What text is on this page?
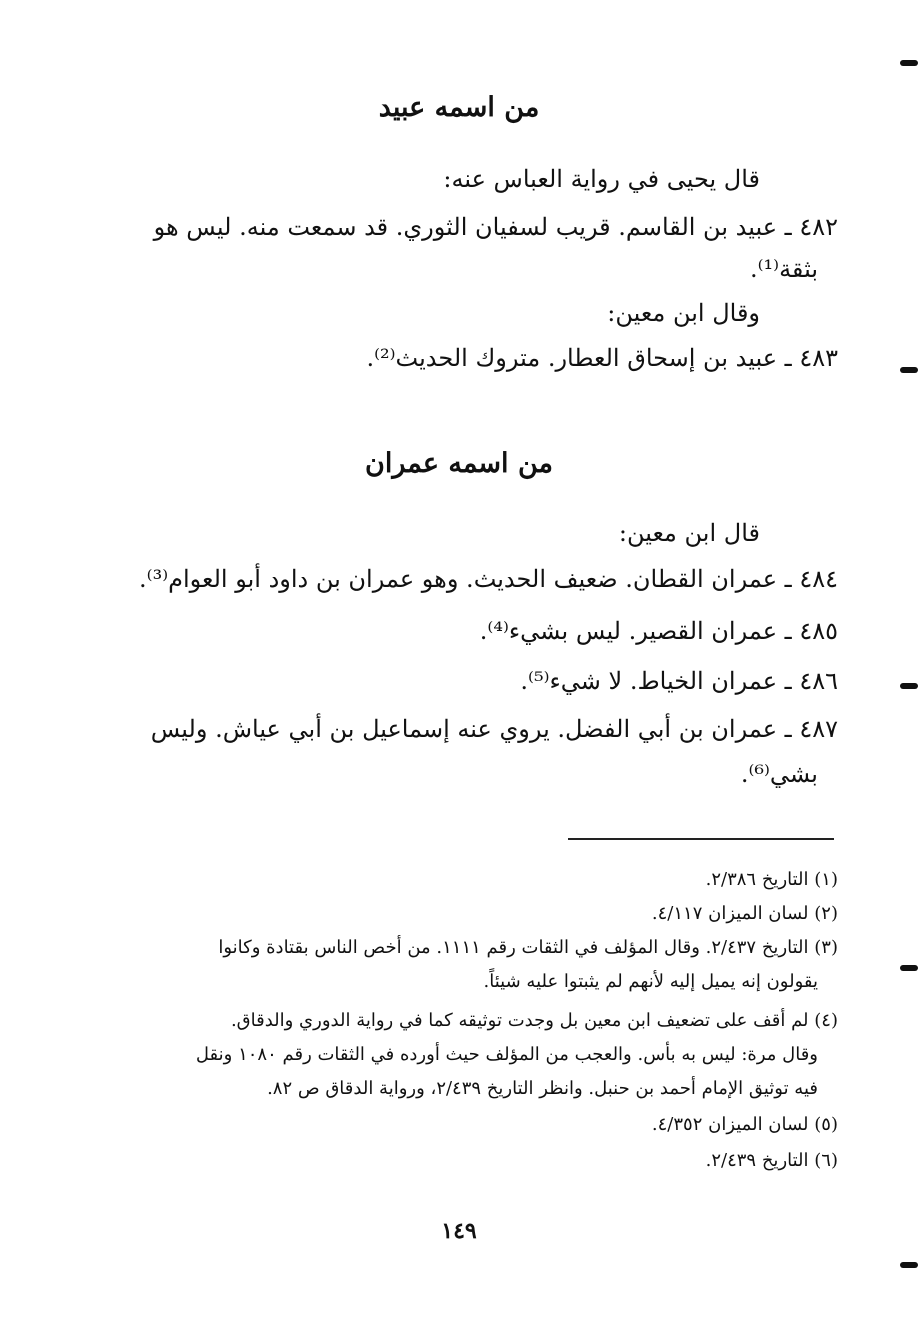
من اسمه عبيد
قال يحيى في رواية العباس عنه:
٤٨٢ ـ عبيد بن القاسم. قريب لسفيان الثوري. قد سمعت منه. ليس هو
بثقة⁽¹⁾.
وقال ابن معين:
٤٨٣ ـ عبيد بن إسحاق العطار. متروك الحديث⁽²⁾.
من اسمه عمران
قال ابن معين:
٤٨٤ ـ عمران القطان. ضعيف الحديث. وهو عمران بن داود أبو العوام⁽³⁾.
٤٨٥ ـ عمران القصير. ليس بشيء⁽⁴⁾.
٤٨٦ ـ عمران الخياط. لا شيء⁽⁵⁾.
٤٨٧ ـ عمران بن أبي الفضل. يروي عنه إسماعيل بن أبي عياش. وليس
بشي⁽⁶⁾.
(١) التاريخ ٢/٣٨٦.
(٢) لسان الميزان ٤/١١٧.
(٣) التاريخ ٢/٤٣٧. وقال المؤلف في الثقات رقم ١١١١. من أخص الناس بقتادة وكانوا
يقولون إنه يميل إليه لأنهم لم يثبتوا عليه شيئاً.
(٤) لم أقف على تضعيف ابن معين بل وجدت توثيقه كما في رواية الدوري والدقاق.
وقال مرة: ليس به بأس. والعجب من المؤلف حيث أورده في الثقات رقم ١٠٨٠ ونقل
فيه توثيق الإمام أحمد بن حنبل. وانظر التاريخ ٢/٤٣٩، ورواية الدقاق ص ٨٢.
(٥) لسان الميزان ٤/٣٥٢.
(٦) التاريخ ٢/٤٣٩.
١٤٩
